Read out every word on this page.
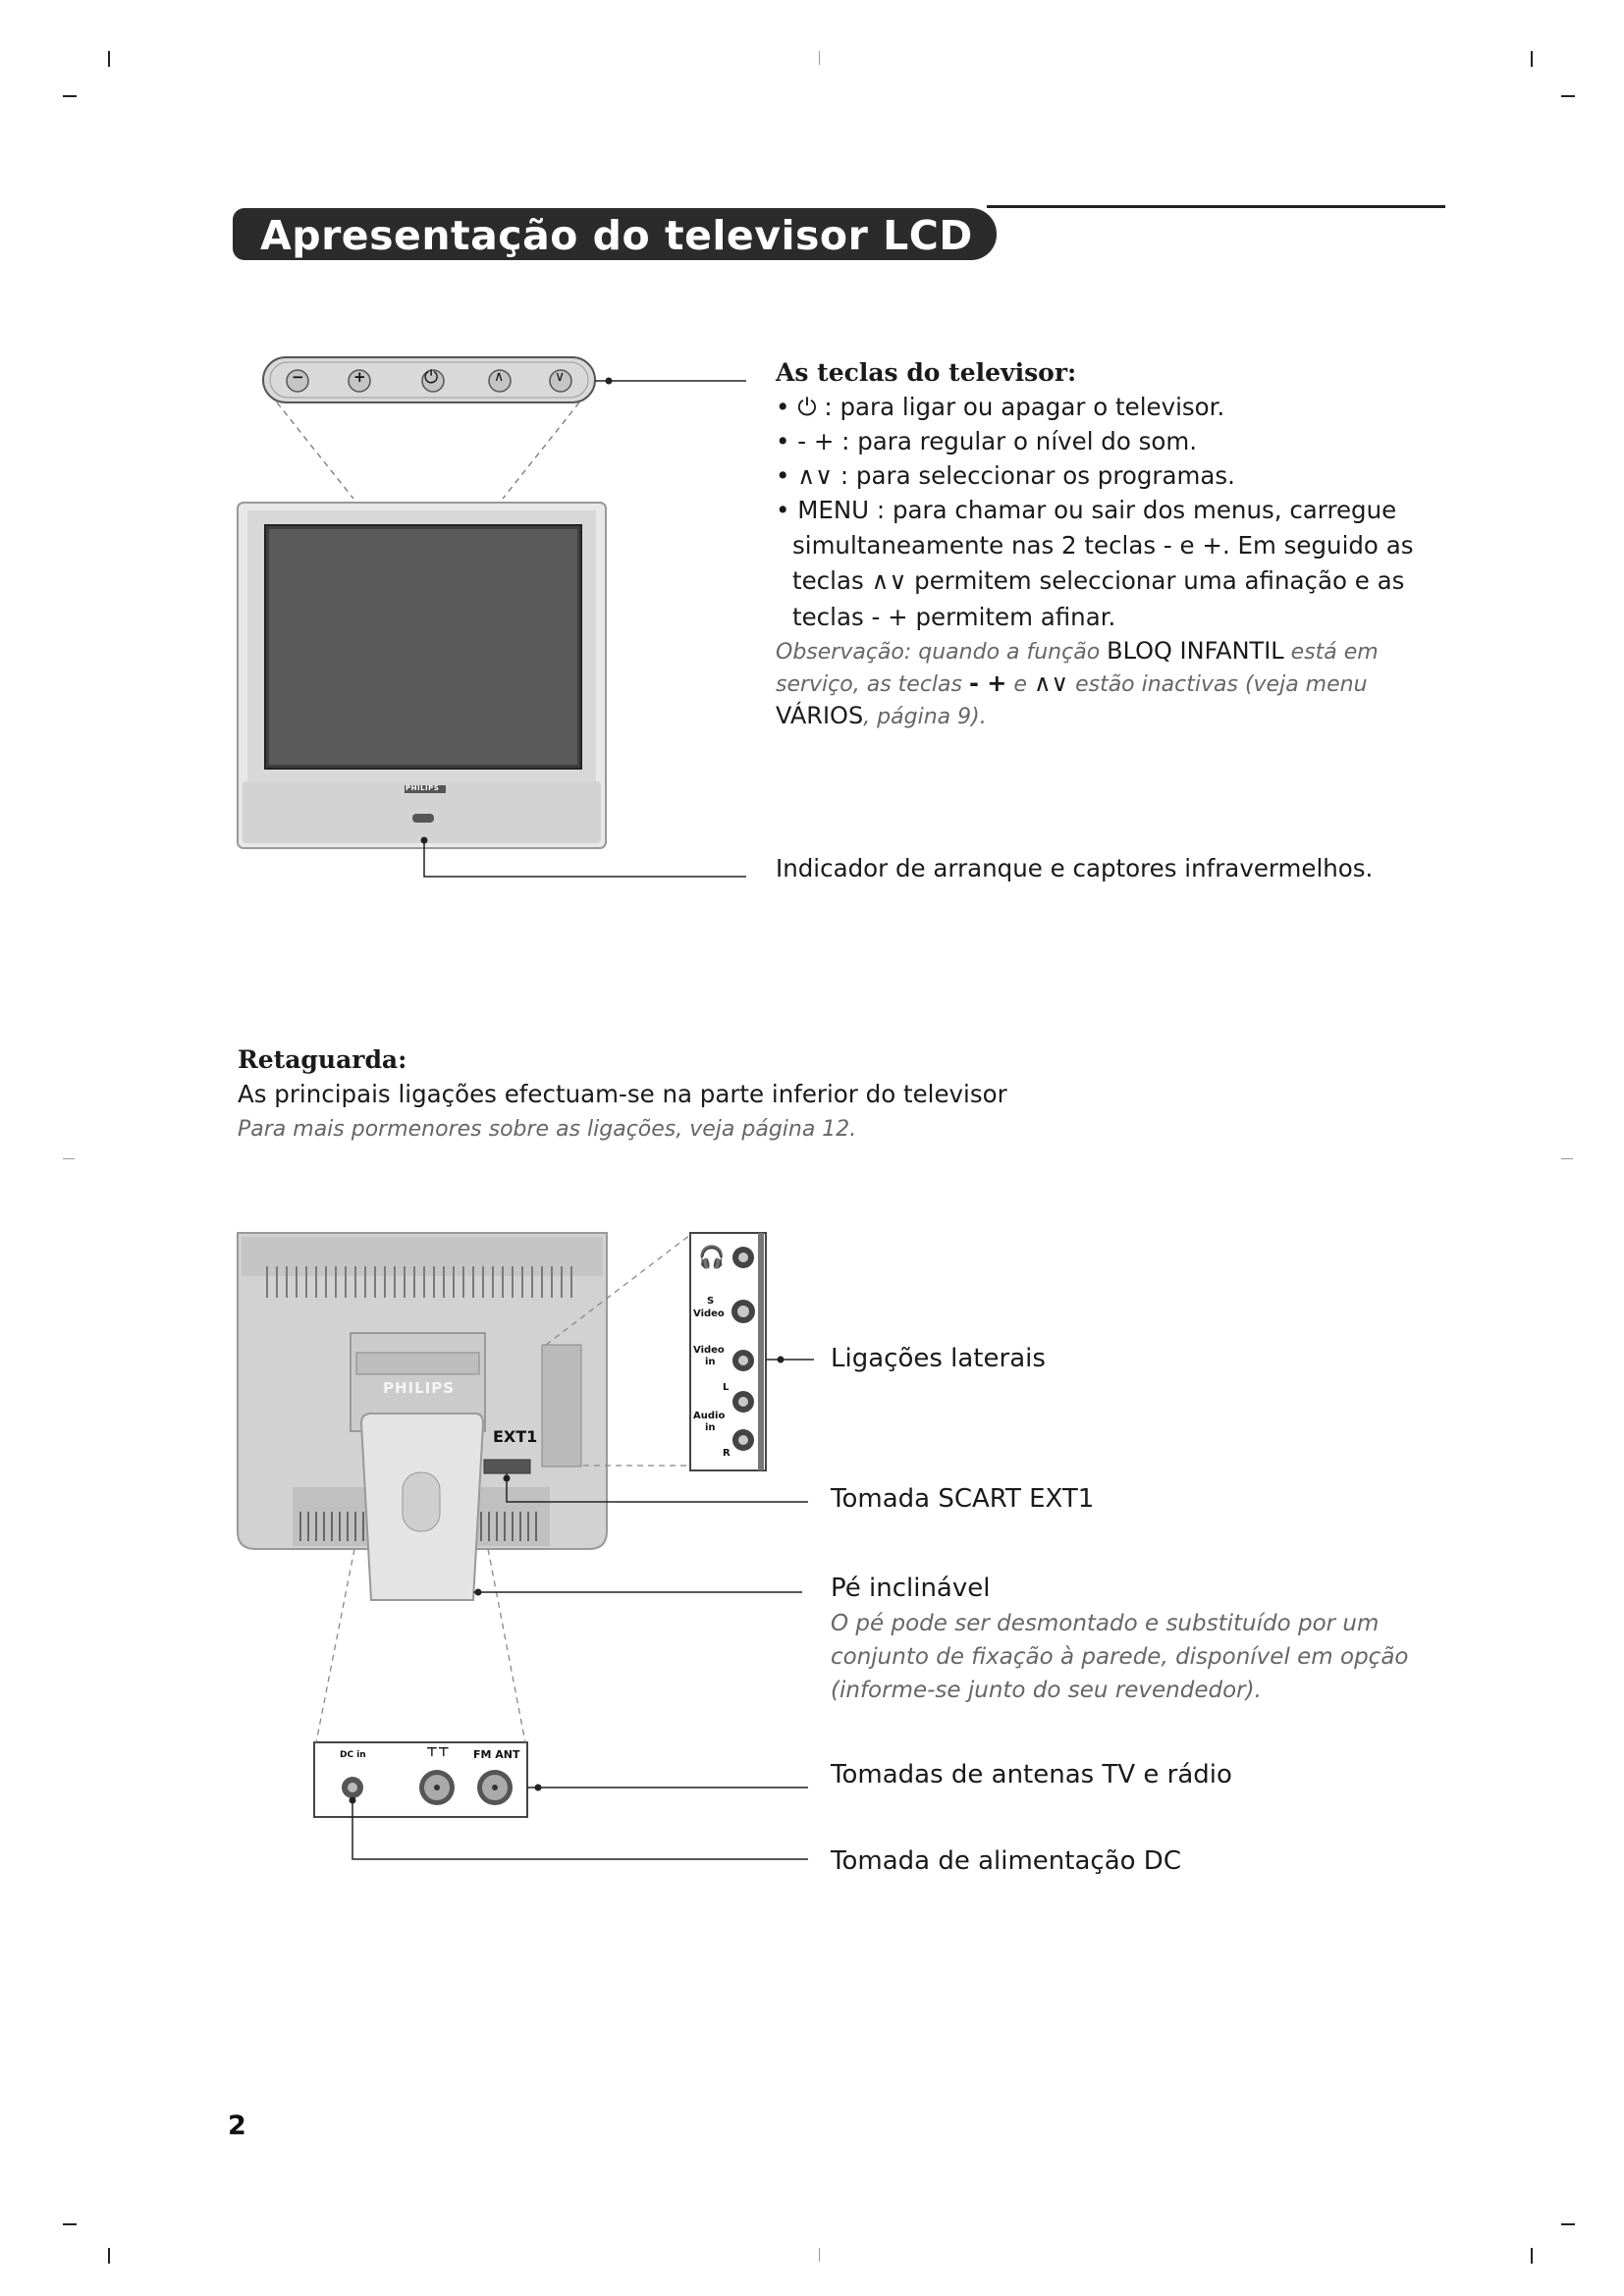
Apresentação do televisor LCD
−	+	⏻	∧	∨
PHILIPS
As teclas do televisor:
• ⏻ : para ligar ou apagar o televisor.
• - + : para regular o nível do som.
• ∧∨ : para seleccionar os programas.
• MENU : para chamar ou sair dos menus, carregue
simultaneamente nas 2 teclas - e +. Em seguido as
teclas ∧∨ permitem seleccionar uma afinação e as
teclas - + permitem afinar.
Observação: quando a função BLOQ INFANTIL está em
serviço, as teclas - + e ∧∨ estão inactivas (veja menu
VÁRIOS, página 9).
Indicador de arranque e captores infravermelhos.
Retaguarda:
As principais ligações efectuam-se na parte inferior do televisor
Para mais pormenores sobre as ligações, veja página 12.
🎧
S
Video
Video
in
L
Audio
in
R
EXT1
PHILIPS
DC in	⊤⊤ FM ANT
Ligações laterais
Tomada SCART EXT1
Pé inclinável
O pé pode ser desmontado e substituído por um
conjunto de fixação à parede, disponível em opção
(informe-se junto do seu revendedor).
Tomadas de antenas TV e rádio
Tomada de alimentação DC
2
